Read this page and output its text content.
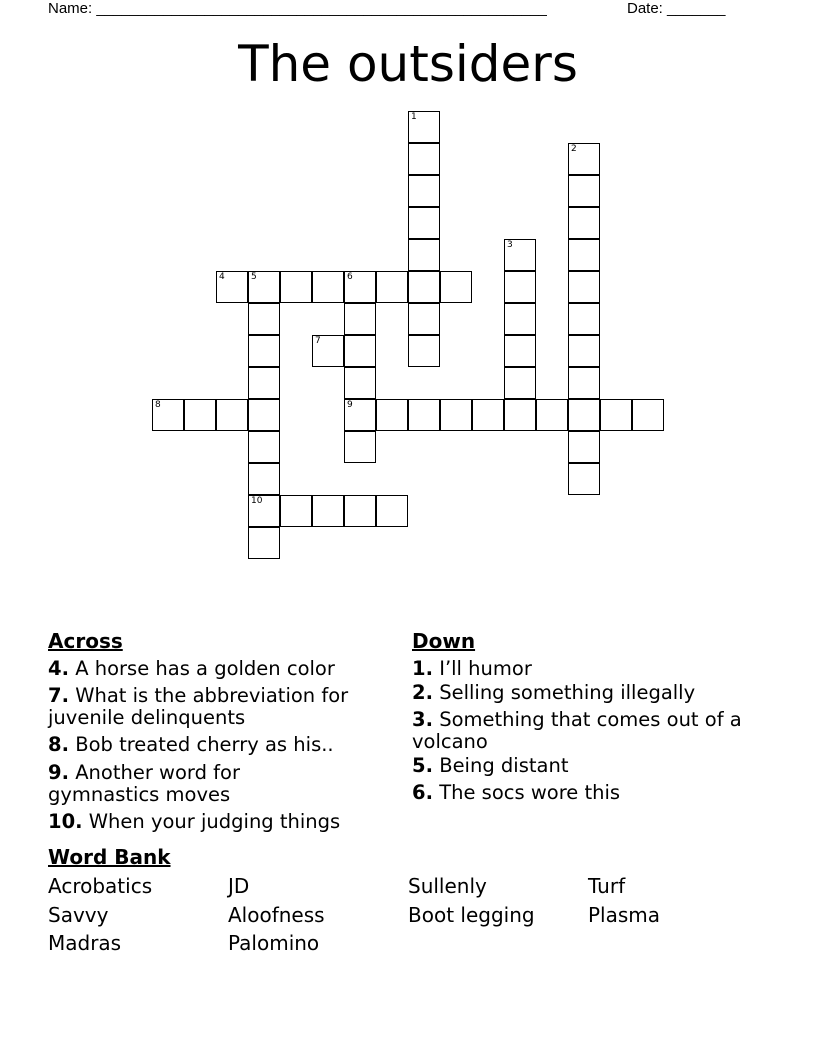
Name: ______________________________________________________	Date: _______
The outsiders
1
2
3
4	5	6
10
9
7
8
Across
4. A horse has a golden color
7. What is the abbreviation for juvenile delinquents
8. Bob treated cherry as his..
9. Another word for gymnastics moves
10. When your judging things
Down
1. I’ll humor
2. Selling something illegally
3. Something that comes out of a volcano
5. Being distant
6. The socs wore this
Word Bank
Acrobatics	JD	Sullenly	Turf
Savvy	Aloofness	Boot legging	Plasma
Madras	Palomino
